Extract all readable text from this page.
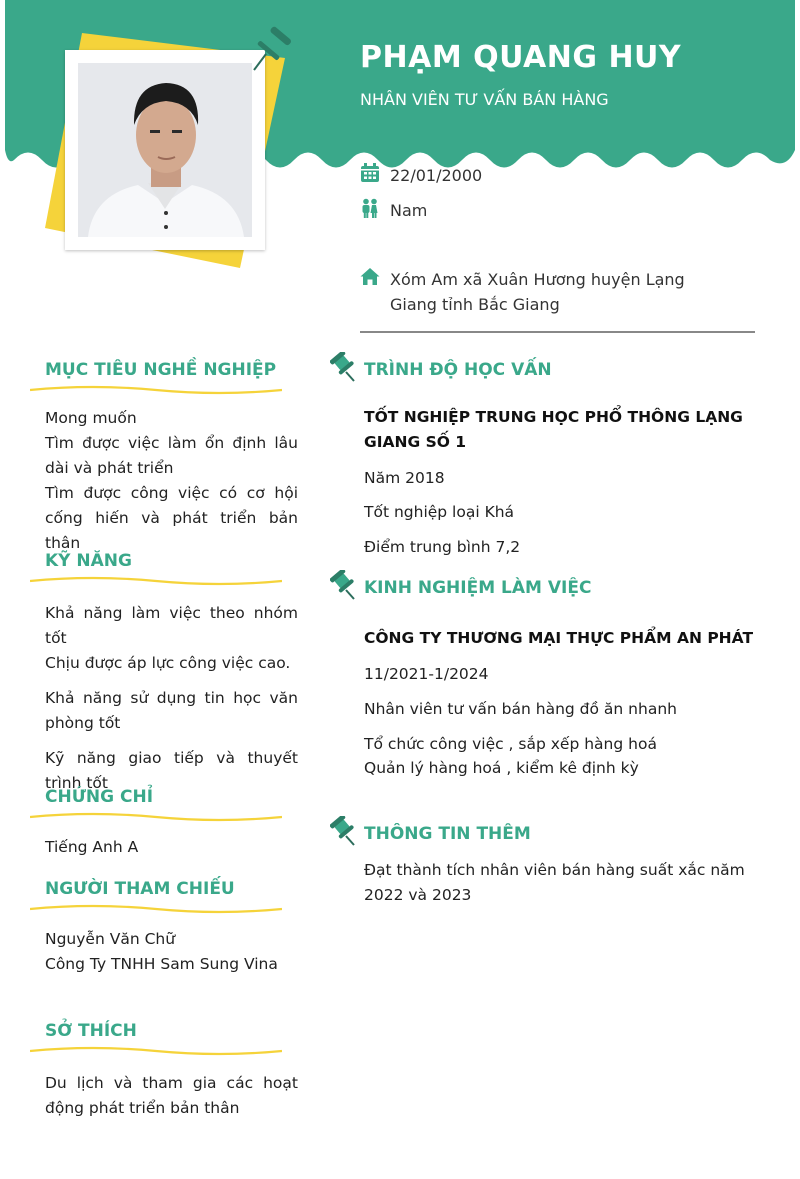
PHẠM QUANG HUY
NHÂN VIÊN TƯ VẤN BÁN HÀNG
22/01/2000
Nam
Xóm Am xã Xuân Hương huyện Lạng Giang tỉnh Bắc Giang
MỤC TIÊU NGHỀ NGHIỆP
Mong muốn
Tìm được việc làm ổn định lâu dài và phát triển
Tìm được công việc có cơ hội cống hiến và phát triển bản thân
KỸ NĂNG
Khả năng làm việc theo nhóm tốt
Chịu được áp lực công việc cao.
Khả năng sử dụng tin học văn phòng tốt
Kỹ năng giao tiếp và thuyết trình tốt
CHỨNG CHỈ
Tiếng Anh A
NGƯỜI THAM CHIẾU
Nguyễn Văn Chữ
Công Ty TNHH Sam Sung Vina
SỞ THÍCH
Du lịch và tham gia các hoạt động phát triển bản thân
TRÌNH ĐỘ HỌC VẤN
TỐT NGHIỆP TRUNG HỌC PHỔ THÔNG LẠNG GIANG SỐ 1
Năm 2018
Tốt nghiệp loại Khá
Điểm trung bình 7,2
KINH NGHIỆM LÀM VIỆC
CÔNG TY THƯƠNG MẠI THỰC PHẨM AN PHÁT
11/2021-1/2024
Nhân viên tư vấn bán hàng đồ ăn nhanh
Tổ chức công việc , sắp xếp hàng hoá
Quản lý hàng hoá , kiểm kê định kỳ
THÔNG TIN THÊM
Đạt thành tích nhân viên bán hàng suất xắc năm 2022 và 2023
